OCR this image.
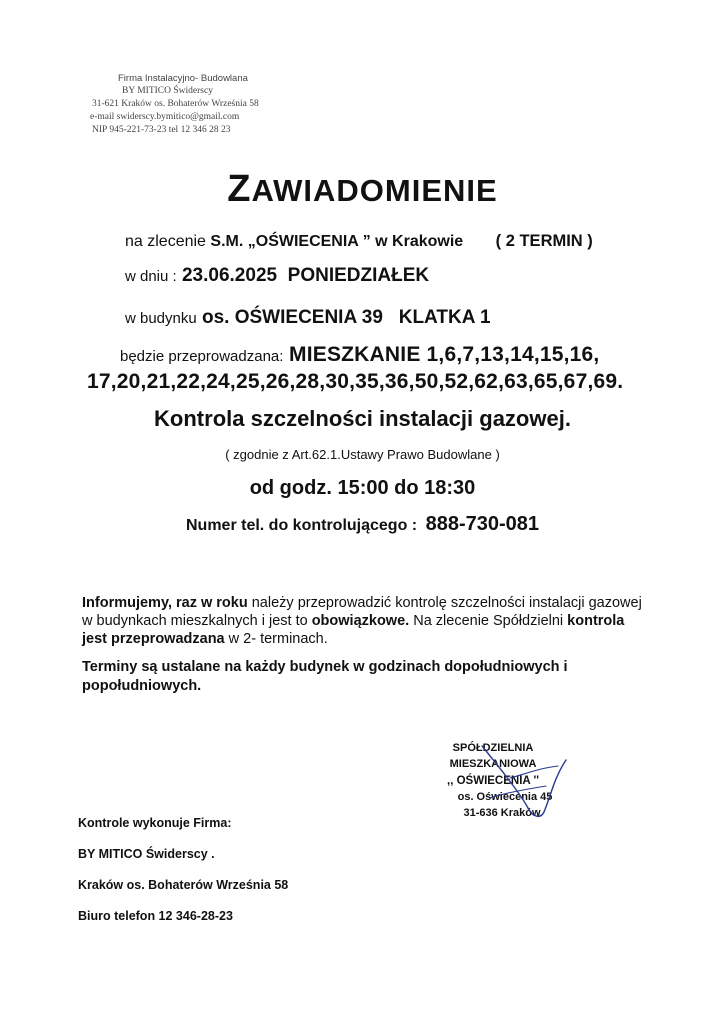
Firma Instalacyjno- Budowlana
BY MITICO Świderscy
31-621 Kraków os. Bohaterów Września 58
e-mail swiderscy.bymitico@gmail.com
NIP 945-221-73-23 tel 12 346 28 23
ZAWIADOMIENIE
na zlecenie S.M. „OŚWIECENIA ” w Krakowie ( 2 TERMIN )
w dniu : 23.06.2025 PONIEDZIAŁEK
w budynku os. OŚWIECENIA 39 KLATKA 1
będzie przeprowadzana: MIESZKANIE 1,6,7,13,14,15,16,
17,20,21,22,24,25,26,28,30,35,36,50,52,62,63,65,67,69.
Kontrola szczelności instalacji gazowej.
( zgodnie z Art.62.1.Ustawy Prawo Budowlane )
od godz. 15:00 do 18:30
Numer tel. do kontrolującego : 888-730-081
Informujemy, raz w roku należy przeprowadzić kontrolę szczelności instalacji gazowej w budynkach mieszkalnych i jest to obowiązkowe. Na zlecenie Spółdzielni kontrola jest przeprowadzana w 2- terminach.
Terminy są ustalane na każdy budynek w godzinach dopołudniowych i popołudniowych.
SPÓŁDZIELNIA MIESZKANIOWA
,, OŚWIECENIA ''
os. Oświecenia 45
31-636 Kraków
Kontrole wykonuje Firma:
BY MITICO Świderscy .
Kraków os. Bohaterów Września 58
Biuro telefon 12 346-28-23
